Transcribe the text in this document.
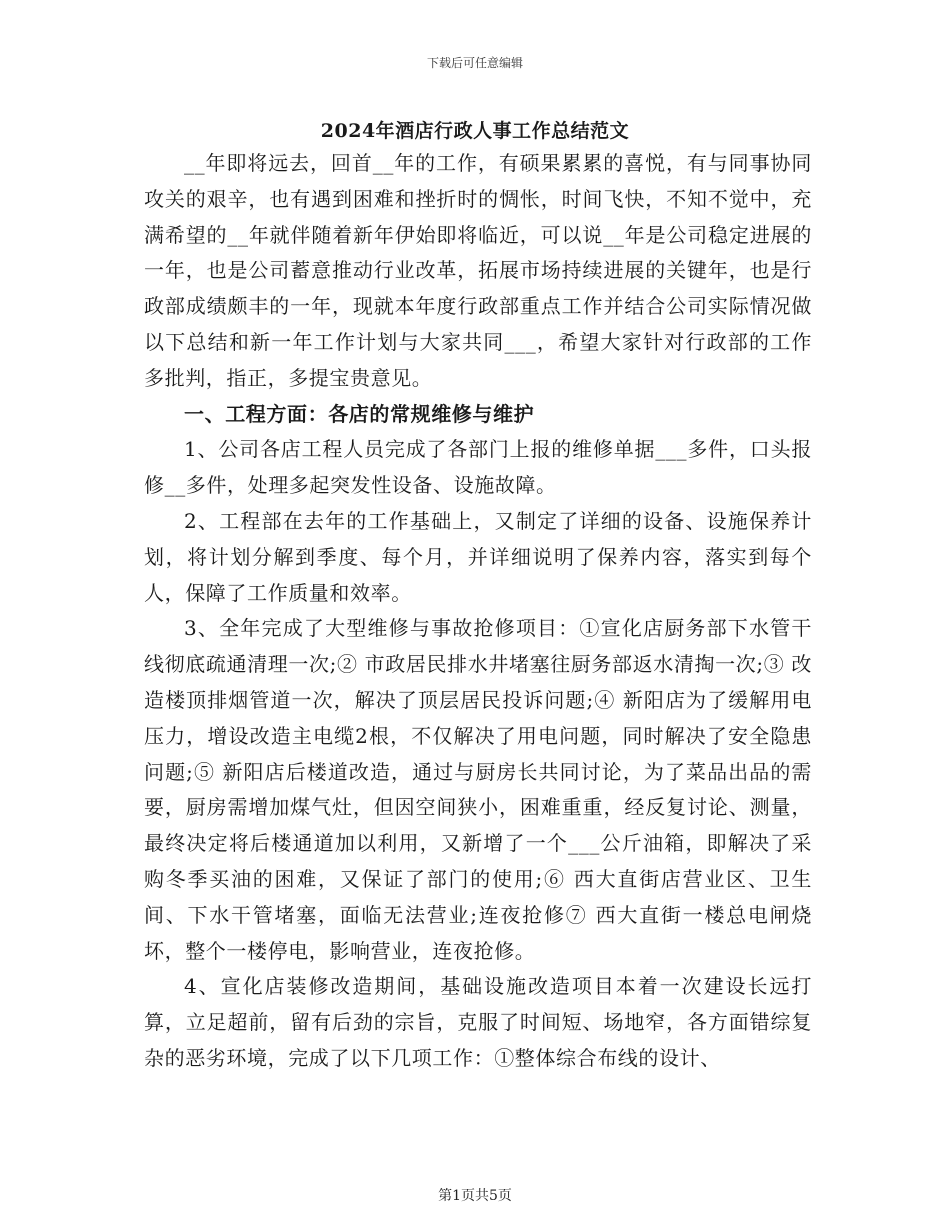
下载后可任意编辑
2024年酒店行政人事工作总结范文

__年即将远去，回首__年的工作，有硕果累累的喜悦，有与同事协同攻关的艰辛，也有遇到困难和挫折时的惆怅，时间飞快，不知不觉中，充满希望的__年就伴随着新年伊始即将临近，可以说__年是公司稳定进展的一年，也是公司蓄意推动行业改革，拓展市场持续进展的关键年，也是行政部成绩颇丰的一年，现就本年度行政部重点工作并结合公司实际情况做以下总结和新一年工作计划与大家共同___，希望大家针对行政部的工作多批判，指正，多提宝贵意见。

一、工程方面：各店的常规维修与维护

1、公司各店工程人员完成了各部门上报的维修单据___多件，口头报修__多件，处理多起突发性设备、设施故障。

2、工程部在去年的工作基础上，又制定了详细的设备、设施保养计划，将计划分解到季度、每个月，并详细说明了保养内容，落实到每个人，保障了工作质量和效率。

3、全年完成了大型维修与事故抢修项目：①宣化店厨务部下水管干线彻底疏通清理一次;② 市政居民排水井堵塞往厨务部返水清掏一次;③ 改造楼顶排烟管道一次，解决了顶层居民投诉问题;④ 新阳店为了缓解用电压力，增设改造主电缆2根，不仅解决了用电问题，同时解决了安全隐患问题;⑤ 新阳店后楼道改造，通过与厨房长共同讨论，为了菜品出品的需要，厨房需增加煤气灶，但因空间狭小，困难重重，经反复讨论、测量，最终决定将后楼通道加以利用，又新增了一个___公斤油箱，即解决了采购冬季买油的困难，又保证了部门的使用;⑥ 西大直街店营业区、卫生间、下水干管堵塞，面临无法营业;连夜抢修⑦ 西大直街一楼总电闸烧坏，整个一楼停电，影响营业，连夜抢修。

4、宣化店装修改造期间，基础设施改造项目本着一次建设长远打算，立足超前，留有后劲的宗旨，克服了时间短、场地窄，各方面错综复杂的恶劣环境，完成了以下几项工作：①整体综合布线的设计、

第1页共5页
